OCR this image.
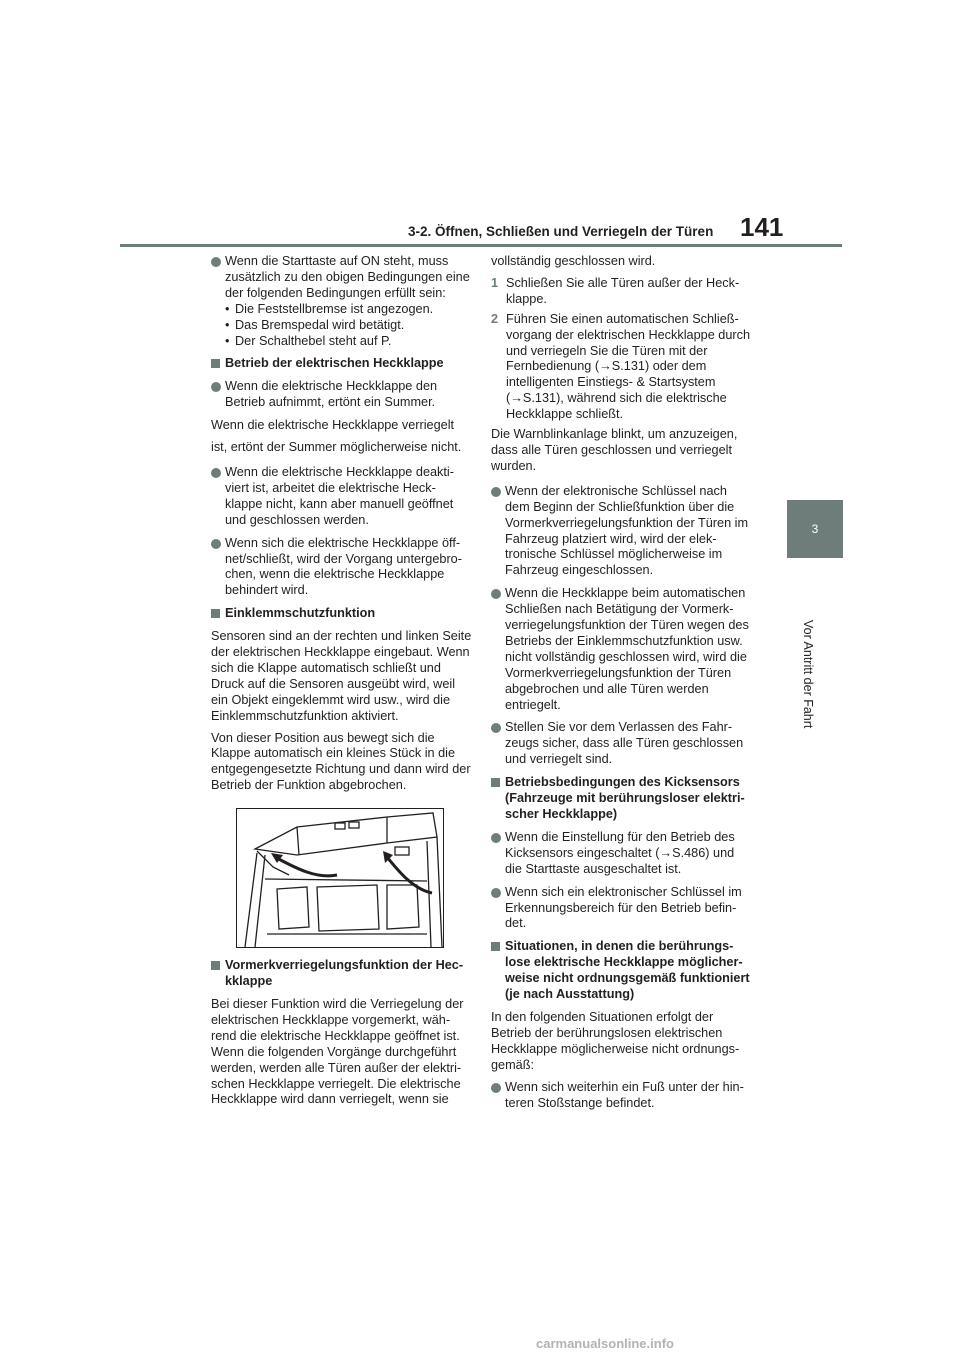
3-2. Öffnen, Schließen und Verriegeln der Türen 141
3
Vor Antritt der Fahrt
Wenn die Starttaste auf ON steht, muss zusätzlich zu den obigen Bedingungen eine der folgenden Bedingungen erfüllt sein:
• Die Feststellbremse ist angezogen.
• Das Bremspedal wird betätigt.
• Der Schalthebel steht auf P.
Betrieb der elektrischen Heckklappe
Wenn die elektrische Heckklappe den Betrieb aufnimmt, ertönt ein Summer.

Wenn die elektrische Heckklappe verriegelt

ist, ertönt der Summer möglicherweise nicht.

Wenn die elektrische Heckklappe deakti-viert ist, arbeitet die elektrische Heck-klappe nicht, kann aber manuell geöffnet und geschlossen werden.
Wenn sich die elektrische Heckklappe öff-net/schließt, wird der Vorgang untergebro-chen, wenn die elektrische Heckklappe behindert wird.
Einklemmschutzfunktion

Sensoren sind an der rechten und linken Seite der elektrischen Heckklappe eingebaut. Wenn sich die Klappe automatisch schließt und Druck auf die Sensoren ausgeübt wird, weil ein Objekt eingeklemmt wird usw., wird die Einklemmschutzfunktion aktiviert.

Von dieser Position aus bewegt sich die Klappe automatisch ein kleines Stück in die entgegengesetzte Richtung und dann wird der Betrieb der Funktion abgebrochen.

Vormerkverriegelungsfunktion der Hec-kklappe

Bei dieser Funktion wird die Verriegelung der elektrischen Heckklappe vorgemerkt, wäh-rend die elektrische Heckklappe geöffnet ist. Wenn die folgenden Vorgänge durchgeführt werden, werden alle Türen außer der elektri-schen Heckklappe verriegelt. Die elektrische Heckklappe wird dann verriegelt, wenn sie

vollständig geschlossen wird.

1 Schließen Sie alle Türen außer der Heck-klappe.
2 Führen Sie einen automatischen Schließ-vorgang der elektrischen Heckklappe durch und verriegeln Sie die Türen mit der Fernbedienung (→S.131) oder dem intelligenten Einstiegs- & Startsystem (→S.131), während sich die elektrische Heckklappe schließt.

Die Warnblinkanlage blinkt, um anzuzeigen, dass alle Türen geschlossen und verriegelt wurden.

Wenn der elektronische Schlüssel nach dem Beginn der Schließfunktion über die Vormerkverriegelungsfunktion der Türen im Fahrzeug platziert wird, wird der elek-tronische Schlüssel möglicherweise im Fahrzeug eingeschlossen.
Wenn die Heckklappe beim automatischen Schließen nach Betätigung der Vormerk-verriegelungsfunktion der Türen wegen des Betriebs der Einklemmschutzfunktion usw. nicht vollständig geschlossen wird, wird die Vormerkverriegelungsfunktion der Türen abgebrochen und alle Türen werden entriegelt.
Stellen Sie vor dem Verlassen des Fahr-zeugs sicher, dass alle Türen geschlossen und verriegelt sind.
Betriebsbedingungen des Kicksensors (Fahrzeuge mit berührungsloser elektri-scher Heckklappe)
Wenn die Einstellung für den Betrieb des Kicksensors eingeschaltet (→S.486) und die Starttaste ausgeschaltet ist.
Wenn sich ein elektronischer Schlüssel im Erkennungsbereich für den Betrieb befin-det.
Situationen, in denen die berührungs-lose elektrische Heckklappe möglicher-weise nicht ordnungsgemäß funktioniert (je nach Ausstattung)

In den folgenden Situationen erfolgt der Betrieb der berührungslosen elektrischen Heckklappe möglicherweise nicht ordnungs-gemäß:

Wenn sich weiterhin ein Fuß unter der hin-teren Stoßstange befindet.
carmanualsonline.info
